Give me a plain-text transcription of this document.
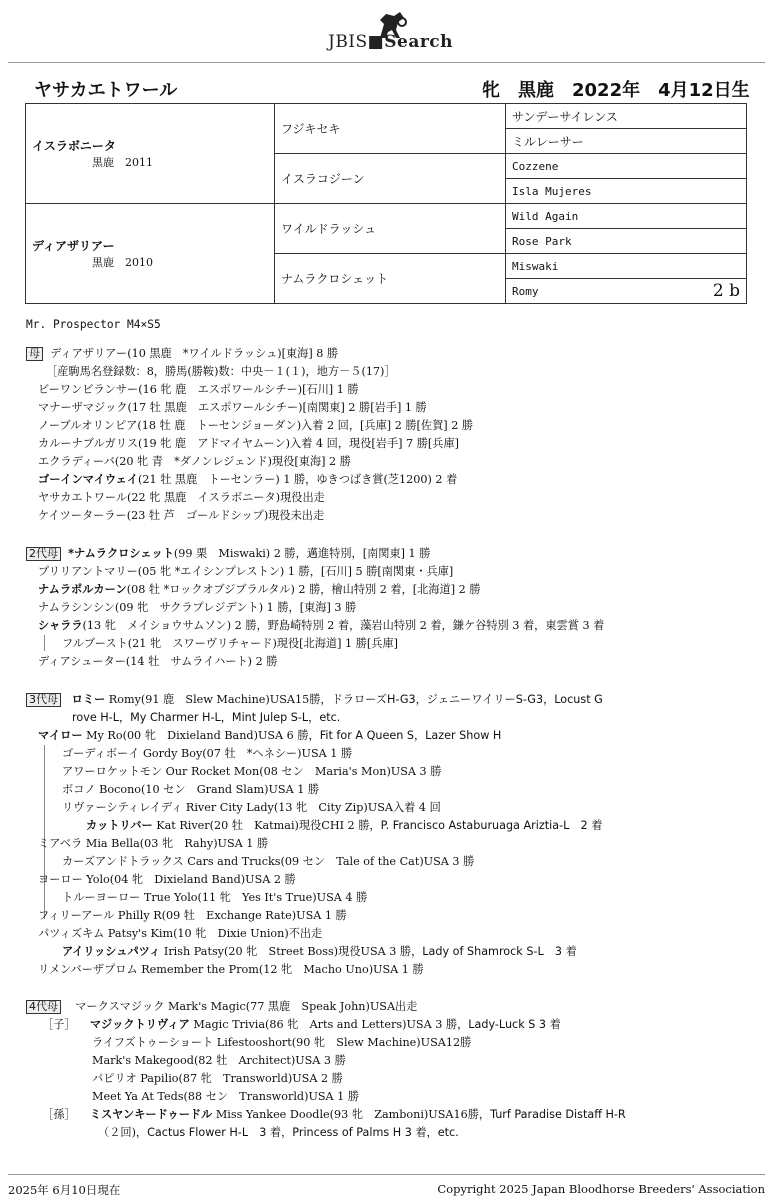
JBIS■Search
ヤサカエトワール	牝　黒鹿　2022年　4月12日生
イスラボニータ
黒鹿　2011	フジキセキ	サンデーサイレンス
		ミルレーサー
	イスラコジーン	Cozzene
		Isla Mujeres

ディアザリアー
黒鹿　2010	ワイルドラッシュ	Wild Again
		Rose Park
	ナムラクロシェット	Miswaki
		Romy 2 b
Mr. Prospector M4×S5
母 ディアザリアー(10 黒鹿　*ワイルドラッシュ)[東海] 8 勝
［産駒馬名登録数：8，勝馬(勝鞍)数：中央－１(１)，地方－５(17)］
ビーワンビランサー(16 牝 鹿　エスポワールシチー)[石川] 1 勝
マナーザマジック(17 牡 黒鹿　エスポワールシチー)[南関東] 2 勝[岩手] 1 勝
ノーブルオリンピア(18 牡 鹿　トーセンジョーダン)入着 2 回，[兵庫] 2 勝[佐賀] 2 勝
カルーナブルガリス(19 牝 鹿　アドマイヤムーン)入着 4 回，現役[岩手] 7 勝[兵庫]
エクラディーバ(20 牝 青　*ダノンレジェンド)現役[東海] 2 勝
ゴーインマイウェイ(21 牡 黒鹿　トーセンラー) 1 勝，ゆきつばき賞(芝1200) 2 着
ヤサカエトワール(22 牝 黒鹿　イスラボニータ)現役出走
ケイツーターラー(23 牡 芦　ゴールドシップ)現役未出走
2代母 *ナムラクロシェット(99 栗　Miswaki) 2 勝，邁進特別，[南関東] 1 勝
プリリアントマリー(05 牝 *エイシンプレストン) 1 勝，[石川] 5 勝[南関東・兵庫]
ナムラポルカーン(08 牡 *ロックオブジブラルタル) 2 勝，檜山特別 2 着，[北海道] 2 勝
ナムラシンシン(09 牝　サクラプレジデント) 1 勝，[東海] 3 勝
シャララ(13 牝　メイショウサムソン) 2 勝，野島崎特別 2 着，藻岩山特別 2 着，鎌ケ谷特別 3 着，東雲賞 3 着
フルブースト(21 牝　スワーヴリチャード)現役[北海道] 1 勝[兵庫]
ディアシューター(14 牡　サムライハート) 2 勝
3代母 ロミー Romy(91 鹿　Slew Machine)USA15勝，ドラローズH-G3，ジェニーワイリーS-G3，Locust G
rove H-L，My Charmer H-L，Mint Julep S-L，etc.
マイロー My Ro(00 牝　Dixieland Band)USA 6 勝，Fit for A Queen S，Lazer Show H
ゴーディボーイ Gordy Boy(07 牡　*ヘネシー)USA 1 勝
アワーロケットモン Our Rocket Mon(08 セン　Maria's Mon)USA 3 勝
ボコノ Bocono(10 セン　Grand Slam)USA 1 勝
リヴァーシティレイディ River City Lady(13 牝　City Zip)USA入着 4 回
カットリバー Kat River(20 牡　Katmai)現役CHI 2 勝，P. Francisco Astaburuaga Ariztia-L　2 着
ミアベラ Mia Bella(03 牝　Rahy)USA 1 勝
カーズアンドトラックス Cars and Trucks(09 セン　Tale of the Cat)USA 3 勝
ヨーロー Yolo(04 牝　Dixieland Band)USA 2 勝
トルーヨーロー True Yolo(11 牝　Yes It's True)USA 4 勝
フィリーアール Philly R(09 牡　Exchange Rate)USA 1 勝
パツィズキム Patsy's Kim(10 牝　Dixie Union)不出走
アイリッシュパツィ Irish Patsy(20 牝　Street Boss)現役USA 3 勝，Lady of Shamrock S-L　3 着
リメンバーザプロム Remember the Prom(12 牝　Macho Uno)USA 1 勝
4代母 マークスマジック Mark's Magic(77 黒鹿　Speak John)USA出走
［子］ マジックトリヴィア Magic Trivia(86 牝　Arts and Letters)USA 3 勝，Lady-Luck S 3 着
ライフズトゥーショート Lifestooshort(90 牝　Slew Machine)USA12勝
Mark's Makegood(82 牡　Architect)USA 3 勝
パピリオ Papilio(87 牝　Transworld)USA 2 勝
Meet Ya At Teds(88 セン　Transworld)USA 1 勝
［孫］ ミスヤンキードゥードル Miss Yankee Doodle(93 牝　Zamboni)USA16勝，Turf Paradise Distaff H-R
（２回)，Cactus Flower H-L　3 着，Princess of Palms H 3 着，etc.
2025年 6月10日現在	Copyright 2025 Japan Bloodhorse Breeders' Association
